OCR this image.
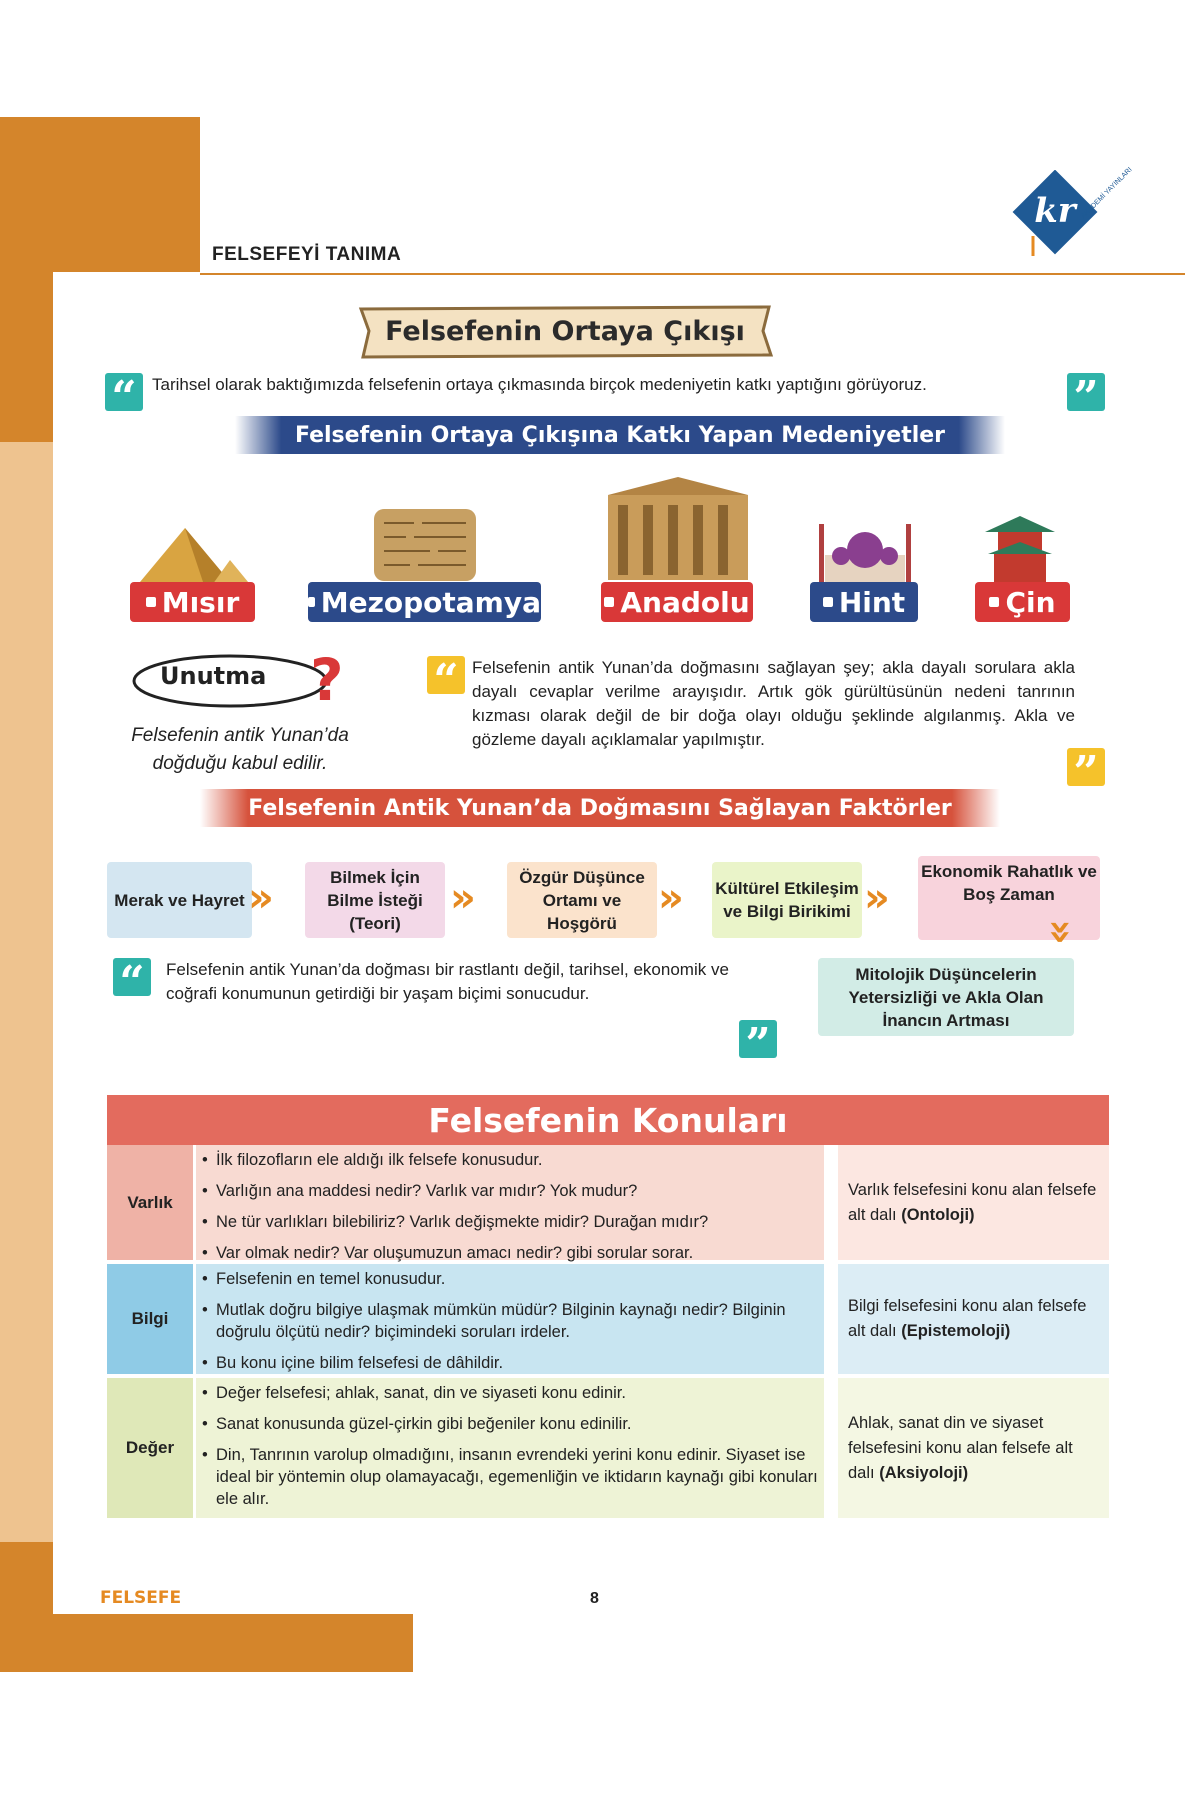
FELSEFEYİ TANIMA
kr AKADEMİ YAYINLARI
Felsefenin Ortaya Çıkışı
“ Tarihsel olarak baktığımızda felsefenin ortaya çıkmasında birçok medeniyetin katkı yaptığını görüyoruz.	”
Felsefenin Ortaya Çıkışına Katkı Yapan Medeniyetler
Mısır	Mezopotamya	Anadolu	Hint	Çin
?
Unutma
Felsefenin antik Yunan’da
doğduğu kabul edilir.
“ Felsefenin antik Yunan’da doğmasını sağlayan şey; akla dayalı sorulara akla dayalı cevaplar verilme arayışıdır. Artık gök gürültüsünün nedeni tanrının kızması olarak değil de bir doğa olayı olduğu şeklinde algılanmış. Akla ve gözleme dayalı açıklamalar yapılmıştır.
”
Felsefenin Antik Yunan’da Doğmasını Sağlayan Faktörler
Merak ve Hayret »	Bilmek İçin Bilme İsteği (Teori)
»	Özgür Düşünce Ortamı ve Hoşgörü
» Kültürel Etkileşim ve Bilgi Birikimi »
Ekonomik Rahatlık ve Boş Zaman
»
Mitolojik Düşüncelerin Yetersizliği ve Akla Olan İnancın Artması
“	Felsefenin antik Yunan’da doğması bir rastlantı değil, tarihsel, ekonomik ve coğrafi konumunun getirdiği bir yaşam biçimi sonucudur.
”
Felsefenin Konuları
Varlık
• İlk filozofların ele aldığı ilk felsefe konusudur.
• Varlığın ana maddesi nedir? Varlık var mıdır? Yok mudur?
• Ne tür varlıkları bilebiliriz? Varlık değişmekte midir? Durağan mıdır?
• Var olmak nedir? Var oluşumuzun amacı nedir? gibi sorular sorar.
Varlık felsefesini konu alan felsefe alt dalı (Ontoloji)
Bilgi
• Felsefenin en temel konusudur.
• Mutlak doğru bilgiye ulaşmak mümkün müdür? Bilginin kaynağı nedir? Bilginin doğrulu ölçütü nedir? biçimindeki soruları irdeler.
• Bu konu içine bilim felsefesi de dâhildir.
Bilgi felsefesini konu alan felsefe alt dalı (Epistemoloji)
Değer
• Değer felsefesi; ahlak, sanat, din ve siyaseti konu edinir.
• Sanat konusunda güzel-çirkin gibi beğeniler konu edinilir.
• Din, Tanrının varolup olmadığını, insanın evrendeki yerini konu edinir. Siyaset ise ideal bir yöntemin olup olamayacağı, egemenliğin ve iktidarın kaynağı gibi konuları ele alır.
Ahlak, sanat din ve siyaset felsefesini konu alan felsefe alt dalı (Aksiyoloji)
FELSEFE	8
